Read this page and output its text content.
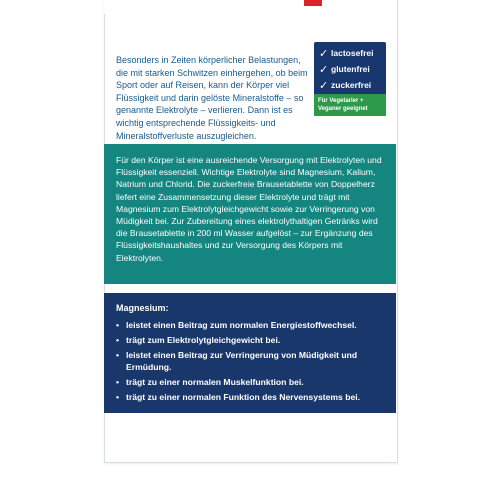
Besonders in Zeiten körperlicher Belastungen, die mit starken Schwitzen einhergehen, ob beim Sport oder auf Reisen, kann der Körper viel Flüssigkeit und darin gelöste Mineralstoffe – so genannte Elektrolyte – verlieren. Dann ist es wichtig entsprechende Flüssigkeits- und Mineralstoffverluste auszugleichen.
✓ lactosefrei
✓ glutenfrei
✓ zuckerfrei
Für Vegetarier + Veganer geeignet

Für den Körper ist eine ausreichende Versorgung mit Elektrolyten und Flüssigkeit essenziell. Wichtige Elektrolyte sind Magnesium, Kalium, Natrium und Chlorid. Die zuckerfreie Brausetablette von Doppelherz liefert eine Zusammensetzung dieser Elektrolyte und trägt mit Magnesium zum Elektrolytgleichgewicht sowie zur Verringerung von Müdigkeit bei. Zur Zubereitung eines elektrolythaltigen Getränks wird die Brausetablette in 200 ml Wasser aufgelöst – zur Ergänzung des Flüssigkeitshaushaltes und zur Versorgung des Körpers mit Elektrolyten.

Magnesium:
• leistet einen Beitrag zum normalen Energiestoffwechsel.
• trägt zum Elektrolytgleichgewicht bei.
• leistet einen Beitrag zur Verringerung von Müdigkeit und Ermüdung.
• trägt zu einer normalen Muskelfunktion bei.
• trägt zu einer normalen Funktion des Nervensystems bei.
